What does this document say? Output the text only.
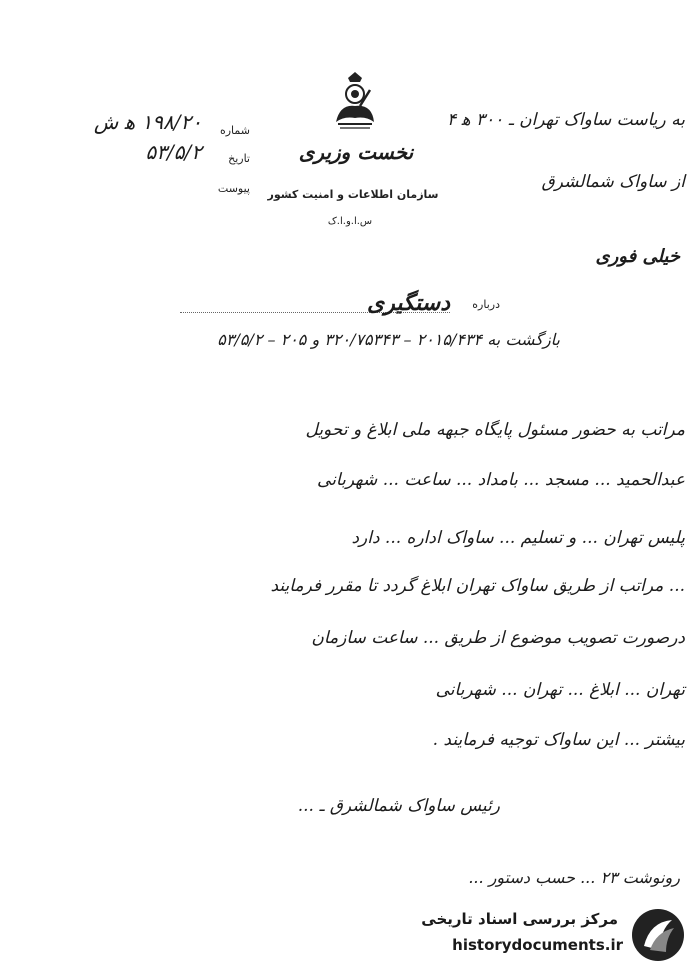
نخست وزیری
سازمان اطلاعات و امنیت کشور
س.ا.و.ا.ک
شماره
تاریخ
پیوست
۱۹۸/۲۰ ه‍ ش
۵۳/۵/۲
به ریاست ساواک تهران ـ ۳۰۰ ه‍ ۴
از ساواک شمالشرق
خیلی فوری
درباره
دستگیری
بازگشت به ۲۰۱۵/۴۳۴ – ۳۲۰/۷۵۳۴۳ و ۲۰۵ – ۵۳/۵/۲
مراتب به حضور مسئول پایگاه جبهه ملی ابلاغ و تحویل
عبدالحمید ... مسجد ... بامداد ... ساعت ... شهربانی
پلیس تهران ... و تسلیم ... ساواک اداره ... دارد
... مراتب از طریق ساواک تهران ابلاغ گردد تا مقرر فرمایند
درصورت تصویب موضوع از طریق ... ساعت سازمان
تهران ... ابلاغ ... تهران ... شهربانی
بیشتر ... این ساواک توجیه فرمایند .
رئیس ساواک شمالشرق ـ ...
رونوشت ۲۳ ... حسب دستور ...
مرکز بررسی اسناد تاریخی
historydocuments.ir
